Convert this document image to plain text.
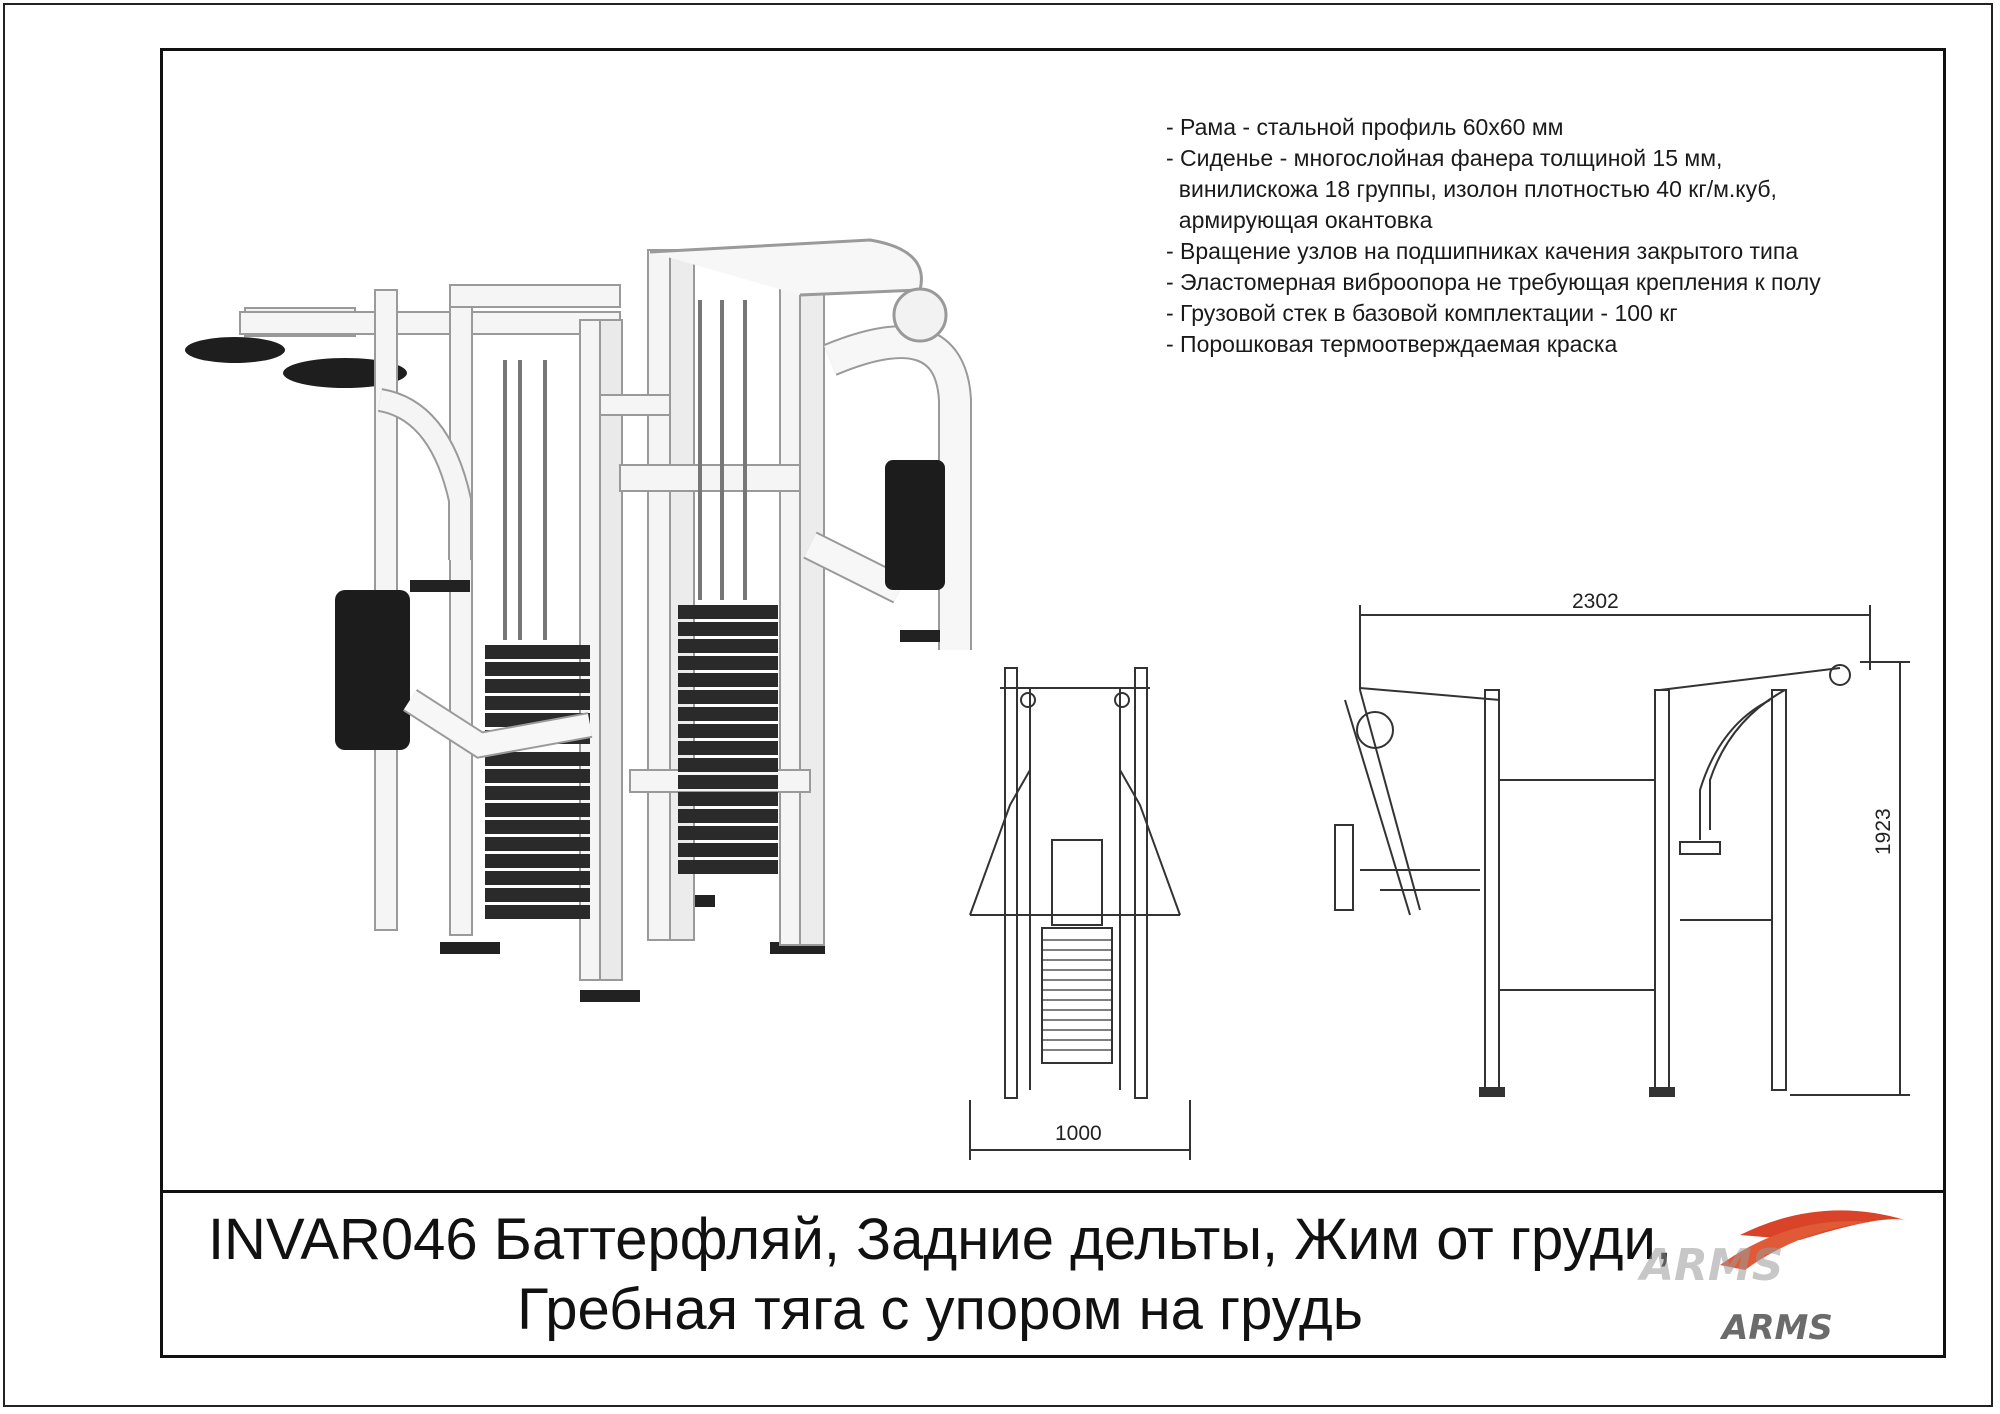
- Рама - стальной профиль 60х60 мм
- Сиденье - многослойная фанера толщиной 15 мм,
винилискожа 18 группы, изолон плотностью 40 кг/м.куб,
армирующая окантовка
- Вращение узлов на подшипниках качения закрытого типа
- Эластомерная виброопора не требующая крепления к полу
- Грузовой стек в базовой комплектации - 100 кг
- Порошковая термоотверждаемая краска
1000
2302
1923
INVAR046 Баттерфляй, Задние дельты, Жим от груди,
Гребная тяга с упором на грудь
ARMS
ARMS
